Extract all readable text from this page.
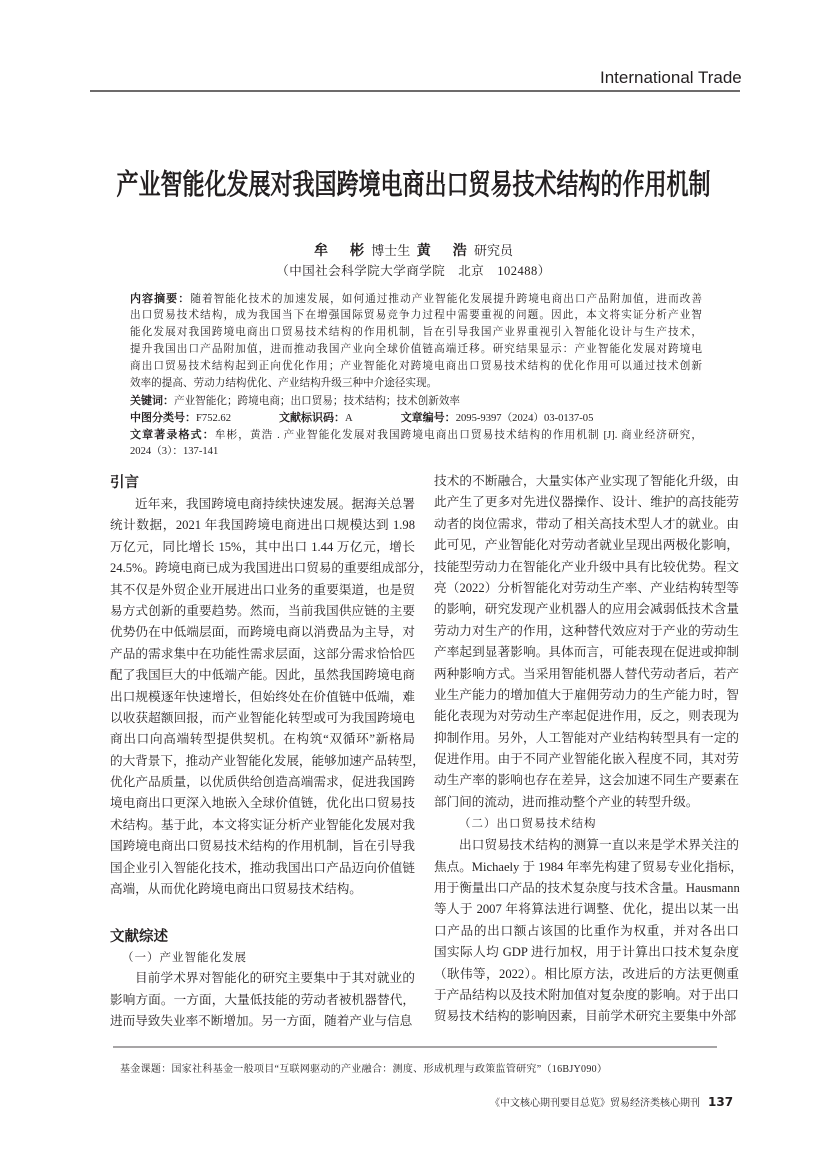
International Trade
产业智能化发展对我国跨境电商出口贸易技术结构的作用机制
牟　彬 博士生 黄　浩 研究员
（中国社会科学院大学商学院　北京　102488）
内容摘要：随着智能化技术的加速发展，如何通过推动产业智能化发展提升跨境电商出口产品附加值，进而改善
出口贸易技术结构，成为我国当下在增强国际贸易竞争力过程中需要重视的问题。因此，本文将实证分析产业智
能化发展对我国跨境电商出口贸易技术结构的作用机制，旨在引导我国产业界重视引入智能化设计与生产技术，
提升我国出口产品附加值，进而推动我国产业向全球价值链高端迁移。研究结果显示：产业智能化发展对跨境电
商出口贸易技术结构起到正向优化作用；产业智能化对跨境电商出口贸易技术结构的优化作用可以通过技术创新
效率的提高、劳动力结构优化、产业结构升级三种中介途径实现。
关键词：产业智能化；跨境电商；出口贸易；技术结构；技术创新效率
中图分类号：F752.62	文献标识码：A	文章编号：2095-9397（2024）03-0137-05
文章著录格式：牟彬，黄浩 . 产业智能化发展对我国跨境电商出口贸易技术结构的作用机制 [J]. 商业经济研究，
2024（3）：137-141
引言
近年来，我国跨境电商持续快速发展。据海关总署
统计数据，2021 年我国跨境电商进出口规模达到 1.98
万亿元，同比增长 15%，其中出口 1.44 万亿元，增长
24.5%。跨境电商已成为我国进出口贸易的重要组成部分，
其不仅是外贸企业开展进出口业务的重要渠道，也是贸
易方式创新的重要趋势。然而，当前我国供应链的主要
优势仍在中低端层面，而跨境电商以消费品为主导，对
产品的需求集中在功能性需求层面，这部分需求恰恰匹
配了我国巨大的中低端产能。因此，虽然我国跨境电商
出口规模逐年快速增长，但始终处在价值链中低端，难
以收获超额回报，而产业智能化转型或可为我国跨境电
商出口向高端转型提供契机。在构筑“双循环”新格局
的大背景下，推动产业智能化发展，能够加速产品转型，
优化产品质量，以优质供给创造高端需求，促进我国跨
境电商出口更深入地嵌入全球价值链，优化出口贸易技
术结构。基于此，本文将实证分析产业智能化发展对我
国跨境电商出口贸易技术结构的作用机制，旨在引导我
国企业引入智能化技术，推动我国出口产品迈向价值链
高端，从而优化跨境电商出口贸易技术结构。
文献综述
（一）产业智能化发展
目前学术界对智能化的研究主要集中于其对就业的
影响方面。一方面，大量低技能的劳动者被机器替代，
进而导致失业率不断增加。另一方面，随着产业与信息
技术的不断融合，大量实体产业实现了智能化升级，由
此产生了更多对先进仪器操作、设计、维护的高技能劳
动者的岗位需求，带动了相关高技术型人才的就业。由
此可见，产业智能化对劳动者就业呈现出两极化影响，
技能型劳动力在智能化产业升级中具有比较优势。程文
亮（2022）分析智能化对劳动生产率、产业结构转型等
的影响，研究发现产业机器人的应用会减弱低技术含量
劳动力对生产的作用，这种替代效应对于产业的劳动生
产率起到显著影响。具体而言，可能表现在促进或抑制
两种影响方式。当采用智能机器人替代劳动者后，若产
业生产能力的增加值大于雇佣劳动力的生产能力时，智
能化表现为对劳动生产率起促进作用，反之，则表现为
抑制作用。另外，人工智能对产业结构转型具有一定的
促进作用。由于不同产业智能化嵌入程度不同，其对劳
动生产率的影响也存在差异，这会加速不同生产要素在
部门间的流动，进而推动整个产业的转型升级。
（二）出口贸易技术结构
出口贸易技术结构的测算一直以来是学术界关注的
焦点。Michaely 于 1984 年率先构建了贸易专业化指标，
用于衡量出口产品的技术复杂度与技术含量。Hausmann
等人于 2007 年将算法进行调整、优化，提出以某一出
口产品的出口额占该国的比重作为权重，并对各出口
国实际人均 GDP 进行加权，用于计算出口技术复杂度
（耿伟等，2022）。相比原方法，改进后的方法更侧重
于产品结构以及技术附加值对复杂度的影响。对于出口
贸易技术结构的影响因素，目前学术研究主要集中外部
基金课题：国家社科基金一般项目“互联网驱动的产业融合：测度、形成机理与政策监管研究”（16BJY090）
《中文核心期刊要目总览》贸易经济类核心期刊 137
